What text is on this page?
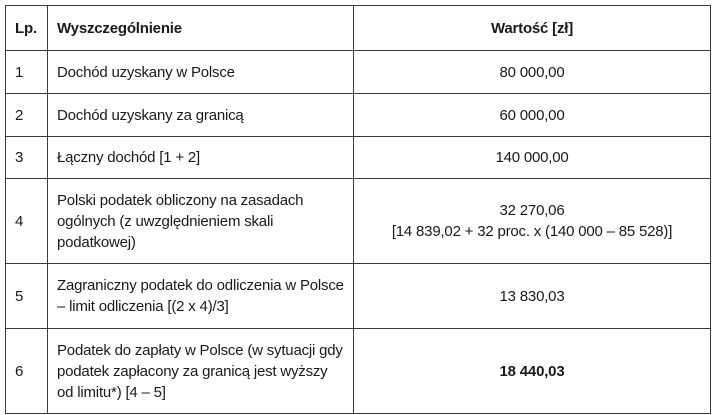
Lp.	Wyszczególnienie	Wartość [zł]
1	Dochód uzyskany w Polsce	80 000,00

2	Dochód uzyskany za granicą	60 000,00

3	Łączny dochód [1 + 2]	140 000,00

4	Polski podatek obliczony na zasadach ogólnych (z uwzględnieniem skali podatkowej)	32 270,06
[14 839,02 + 32 proc. x (140 000 – 85 528)]

5	Zagraniczny podatek do odliczenia w Polsce – limit odliczenia [(2 x 4)/3]	13 830,03

6	Podatek do zapłaty w Polsce (w sytuacji gdy podatek zapłacony za granicą jest wyższy od limitu*) [4 – 5]	18 440,03
